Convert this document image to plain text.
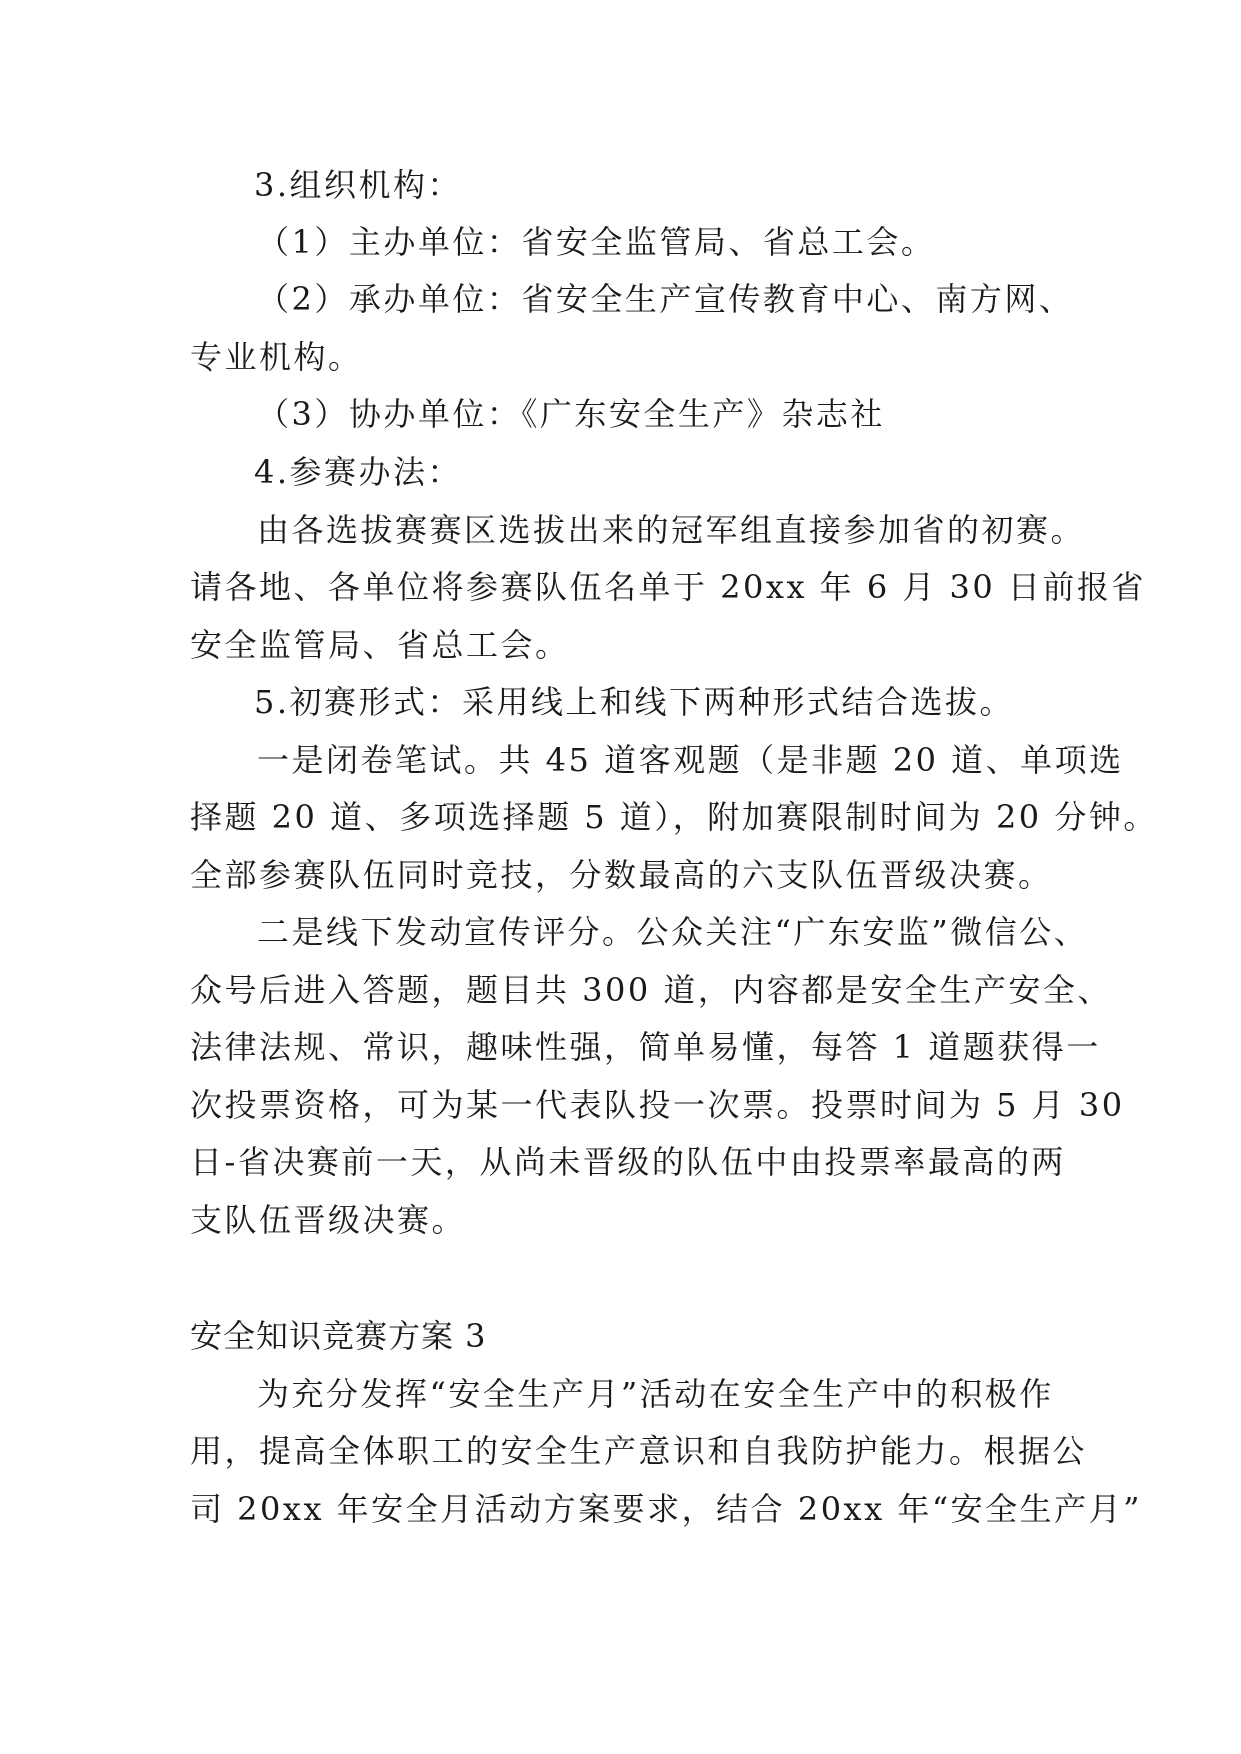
3.组织机构：
（1）主办单位：省安全监管局、省总工会。
（2）承办单位：省安全生产宣传教育中心、南方网、
专业机构。
（3）协办单位：《广东安全生产》杂志社
4.参赛办法：
由各选拔赛赛区选拔出来的冠军组直接参加省的初赛。
请各地、各单位将参赛队伍名单于 20xx 年 6 月 30 日前报省
安全监管局、省总工会。
5.初赛形式：采用线上和线下两种形式结合选拔。
一是闭卷笔试。共 45 道客观题（是非题 20 道、单项选
择题 20 道、多项选择题 5 道），附加赛限制时间为 20 分钟。
全部参赛队伍同时竞技，分数最高的六支队伍晋级决赛。
二是线下发动宣传评分。公众关注“广东安监”微信公、
众号后进入答题，题目共 300 道，内容都是安全生产安全、
法律法规、常识，趣味性强，简单易懂，每答 1 道题获得一
次投票资格，可为某一代表队投一次票。投票时间为 5 月 30
日-省决赛前一天，从尚未晋级的队伍中由投票率最高的两
支队伍晋级决赛。
安全知识竞赛方案 3
为充分发挥“安全生产月”活动在安全生产中的积极作
用，提高全体职工的安全生产意识和自我防护能力。根据公
司 20xx 年安全月活动方案要求，结合 20xx 年“安全生产月”
